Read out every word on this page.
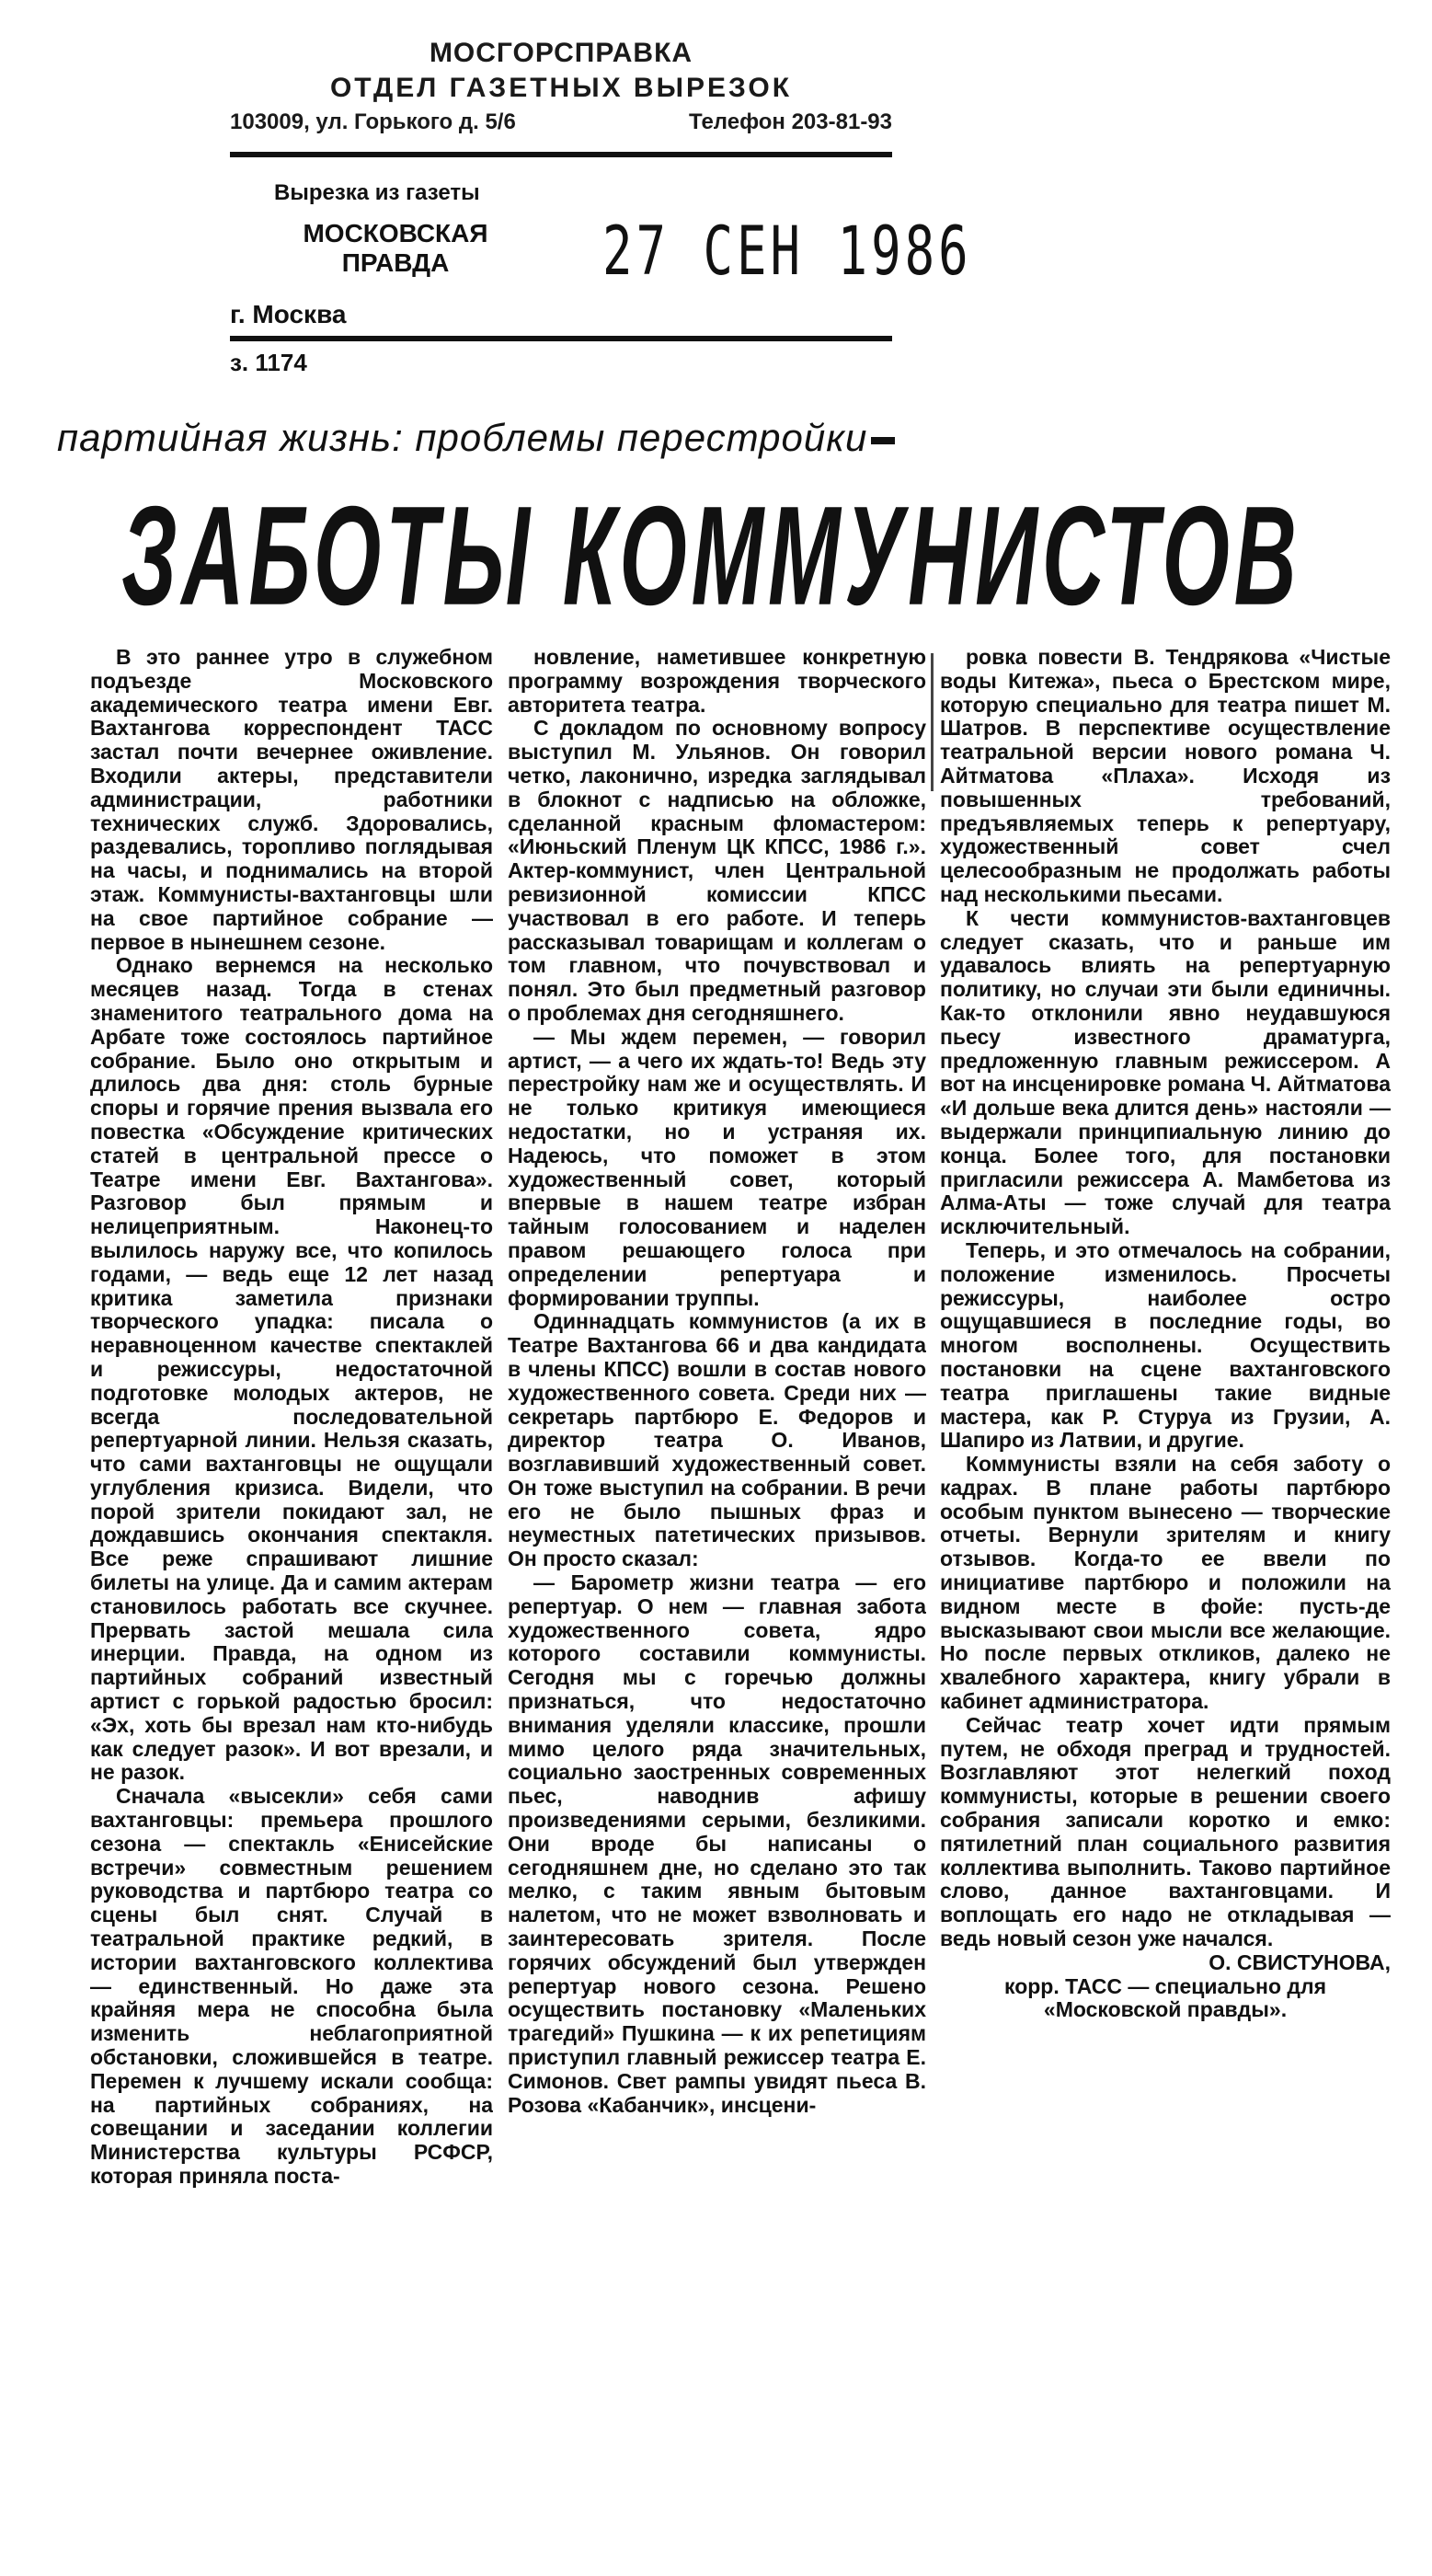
МОСГОРСПРАВКА
ОТДЕЛ ГАЗЕТНЫХ ВЫРЕЗОК
103009, ул. Горького д. 5/6	Телефон 203-81-93
Вырезка из газеты
МОСКОВСКАЯ ПРАВДА	27 СЕН 1986
г. Москва
з. 1174
партийная жизнь: проблемы перестройки
ЗАБОТЫ КОММУНИСТОВ

В это раннее утро в служебном подъезде Московского академического театра имени Евг. Вахтангова корреспондент ТАСС застал почти вечернее оживление. Входили актеры, представители администрации, работники технических служб. Здоровались, раздевались, торопливо поглядывая на часы, и поднимались на второй этаж. Коммунисты-вахтанговцы шли на свое партийное собрание — первое в нынешнем сезоне.

Однако вернемся на несколько месяцев назад. Тогда в стенах знаменитого театрального дома на Арбате тоже состоялось партийное собрание. Было оно открытым и длилось два дня: столь бурные споры и горячие прения вызвала его повестка «Обсуждение критических статей в центральной прессе о Театре имени Евг. Вахтангова». Разговор был прямым и нелицеприятным. Наконец-то вылилось наружу все, что копилось годами, — ведь еще 12 лет назад критика заметила признаки творческого упадка: писала о неравноценном качестве спектаклей и режиссуры, недостаточной подготовке молодых актеров, не всегда последовательной репертуарной линии. Нельзя сказать, что сами вахтанговцы не ощущали углубления кризиса. Видели, что порой зрители покидают зал, не дождавшись окончания спектакля. Все реже спрашивают лишние билеты на улице. Да и самим актерам становилось работать все скучнее. Прервать застой мешала сила инерции. Правда, на одном из партийных собраний известный артист с горькой радостью бросил: «Эх, хоть бы врезал нам кто-нибудь как следует разок». И вот врезали, и не разок.

Сначала «высекли» себя сами вахтанговцы: премьера прошлого сезона — спектакль «Енисейские встречи» совместным решением руководства и партбюро театра со сцены был снят. Случай в театральной практике редкий, в истории вахтанговского коллектива — единственный. Но даже эта крайняя мера не способна была изменить неблагоприятной обстановки, сложившейся в театре. Перемен к лучшему искали сообща: на партийных собраниях, на совещании и заседании коллегии Министерства культуры РСФСР, которая приняла поста-

новление, наметившее конкретную программу возрождения творческого авторитета театра.

С докладом по основному вопросу выступил М. Ульянов. Он говорил четко, лаконично, изредка заглядывал в блокнот с надписью на обложке, сделанной красным фломастером: «Июньский Пленум ЦК КПСС, 1986 г.». Актер-коммунист, член Центральной ревизионной комиссии КПСС участвовал в его работе. И теперь рассказывал товарищам и коллегам о том главном, что почувствовал и понял. Это был предметный разговор о проблемах дня сегодняшнего.

— Мы ждем перемен, — говорил артист, — а чего их ждать-то! Ведь эту перестройку нам же и осуществлять. И не только критикуя имеющиеся недостатки, но и устраняя их. Надеюсь, что поможет в этом художественный совет, который впервые в нашем театре избран тайным голосованием и наделен правом решающего голоса при определении репертуара и формировании труппы.

Одиннадцать коммунистов (а их в Театре Вахтангова 66 и два кандидата в члены КПСС) вошли в состав нового художественного совета. Среди них — секретарь партбюро Е. Федоров и директор театра О. Иванов, возглавивший художественный совет. Он тоже выступил на собрании. В речи его не было пышных фраз и неуместных патетических призывов. Он просто сказал:

— Барометр жизни театра — его репертуар. О нем — главная забота художественного совета, ядро которого составили коммунисты. Сегодня мы с горечью должны признаться, что недостаточно внимания уделяли классике, прошли мимо целого ряда значительных, социально заостренных современных пьес, наводнив афишу произведениями серыми, безликими. Они вроде бы написаны о сегодняшнем дне, но сделано это так мелко, с таким явным бытовым налетом, что не может взволновать и заинтересовать зрителя. После горячих обсуждений был утвержден репертуар нового сезона. Решено осуществить постановку «Маленьких трагедий» Пушкина — к их репетициям приступил главный режиссер театра Е. Симонов. Свет рампы увидят пьеса В. Розова «Кабанчик», инсцени-

ровка повести В. Тендрякова «Чистые воды Китежа», пьеса о Брестском мире, которую специально для театра пишет М. Шатров. В перспективе осуществление театральной версии нового романа Ч. Айтматова «Плаха». Исходя из повышенных требований, предъявляемых теперь к репертуару, художественный совет счел целесообразным не продолжать работы над несколькими пьесами.

К чести коммунистов-вахтанговцев следует сказать, что и раньше им удавалось влиять на репертуарную политику, но случаи эти были единичны. Как-то отклонили явно неудавшуюся пьесу известного драматурга, предложенную главным режиссером. А вот на инсценировке романа Ч. Айтматова «И дольше века длится день» настояли — выдержали принципиальную линию до конца. Более того, для постановки пригласили режиссера А. Мамбетова из Алма-Аты — тоже случай для театра исключительный.

Теперь, и это отмечалось на собрании, положение изменилось. Просчеты режиссуры, наиболее остро ощущавшиеся в последние годы, во многом восполнены. Осуществить постановки на сцене вахтанговского театра приглашены такие видные мастера, как Р. Стуруа из Грузии, А. Шапиро из Латвии, и другие.

Коммунисты взяли на себя заботу о кадрах. В плане работы партбюро особым пунктом вынесено — творческие отчеты. Вернули зрителям и книгу отзывов. Когда-то ее ввели по инициативе партбюро и положили на видном месте в фойе: пусть-де высказывают свои мысли все желающие. Но после первых откликов, далеко не хвалебного характера, книгу убрали в кабинет администратора.

Сейчас театр хочет идти прямым путем, не обходя преград и трудностей. Возглавляют этот нелегкий поход коммунисты, которые в решении своего собрания записали коротко и емко: пятилетний план социального развития коллектива выполнить. Таково партийное слово, данное вахтанговцами. И воплощать его надо не откладывая — ведь новый сезон уже начался.

О. СВИСТУНОВА,

корр. ТАСС — специально для «Московской правды».
